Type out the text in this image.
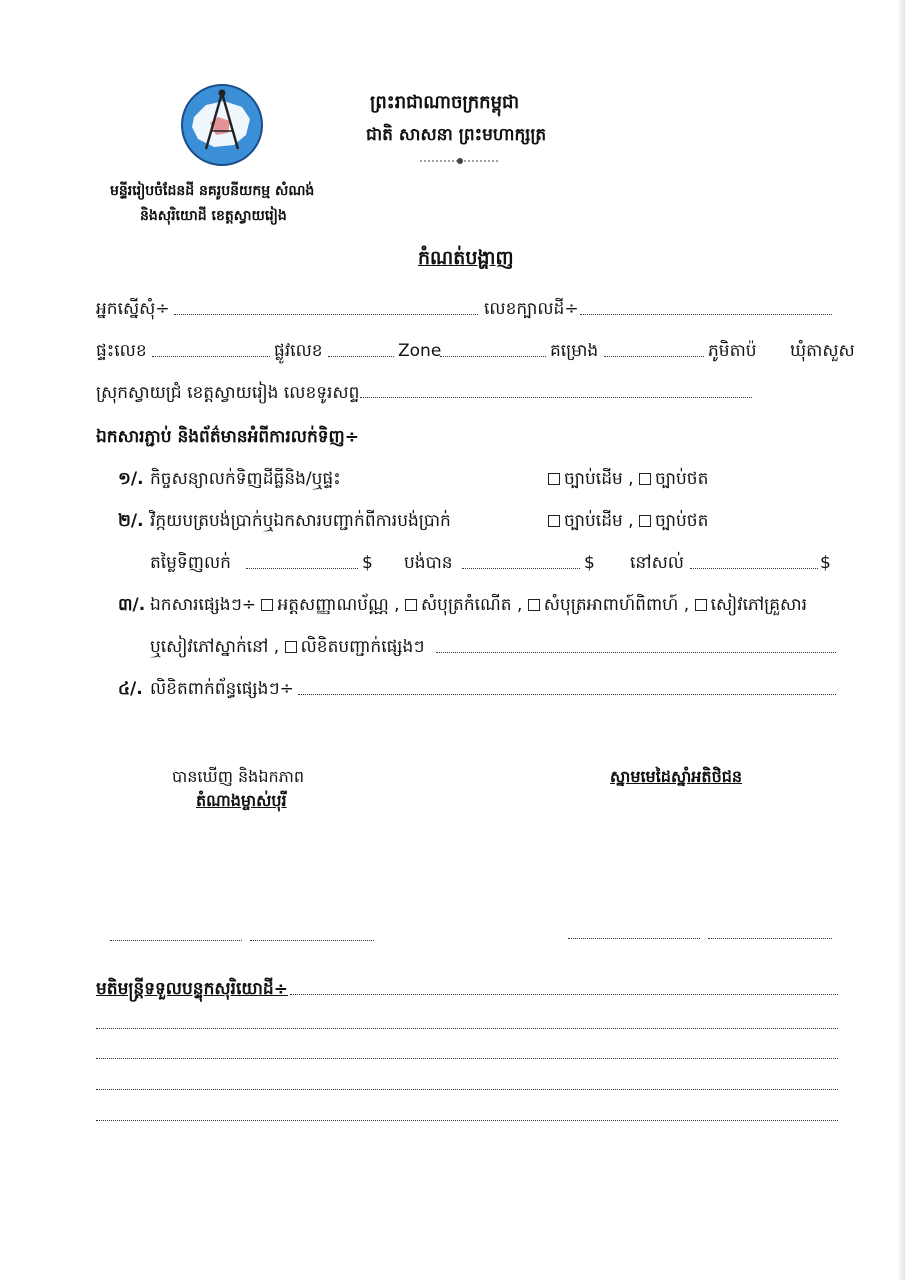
ព្រះរាជាណាចក្រកម្ពុជា
ជាតិ សាសនា ព្រះមហាក្សត្រ
មន្ទីររៀបចំដែនដី នគរូបនីយកម្ម សំណង់
និងសុរិយោដី ខេត្តស្វាយរៀង
កំណត់បង្ហាញ
អ្នកស្នើសុំ÷	លេខក្បាលដី÷
ផ្ទះលេខ	ផ្លូវលេខ	Zone	គម្រោង	ភូមិតាប៉ ឃុំតាសួស
ស្រុកស្វាយជ្រំ ខេត្តស្វាយរៀង លេខទូរសព្ទ
ឯកសារភ្ជាប់ និងព័ត៌មានអំពីការលក់ទិញ÷
១/. កិច្ចសន្យាលក់ទិញដីធ្លីនិង/ឬផ្ទះ	ច្បាប់ដើម , ច្បាប់ថត
២/. វិក្កយបត្របង់ប្រាក់ឬឯកសារបញ្ជាក់ពីការបង់ប្រាក់	ច្បាប់ដើម , ច្បាប់ថត
តម្លៃទិញលក់	$ បង់បាន	$ នៅសល់	$
៣/. ឯកសារផ្សេងៗ÷ អត្តសញ្ញាណប័ណ្ណ , សំបុត្រកំណើត , សំបុត្រអាពាហ៍ពិពាហ៍ , សៀវភៅគ្រួសារ
ឬសៀវភៅស្នាក់នៅ , លិខិតបញ្ជាក់ផ្សេងៗ
៤/. លិខិតពាក់ព័ន្ធផ្សេងៗ÷
បានឃើញ និងឯកភាព
តំណាងម្ចាស់បុរី
ស្នាមមេដៃស្នាំអតិថិជន
មតិមន្ត្រីទទួលបន្ទុកសុរិយោដី÷
